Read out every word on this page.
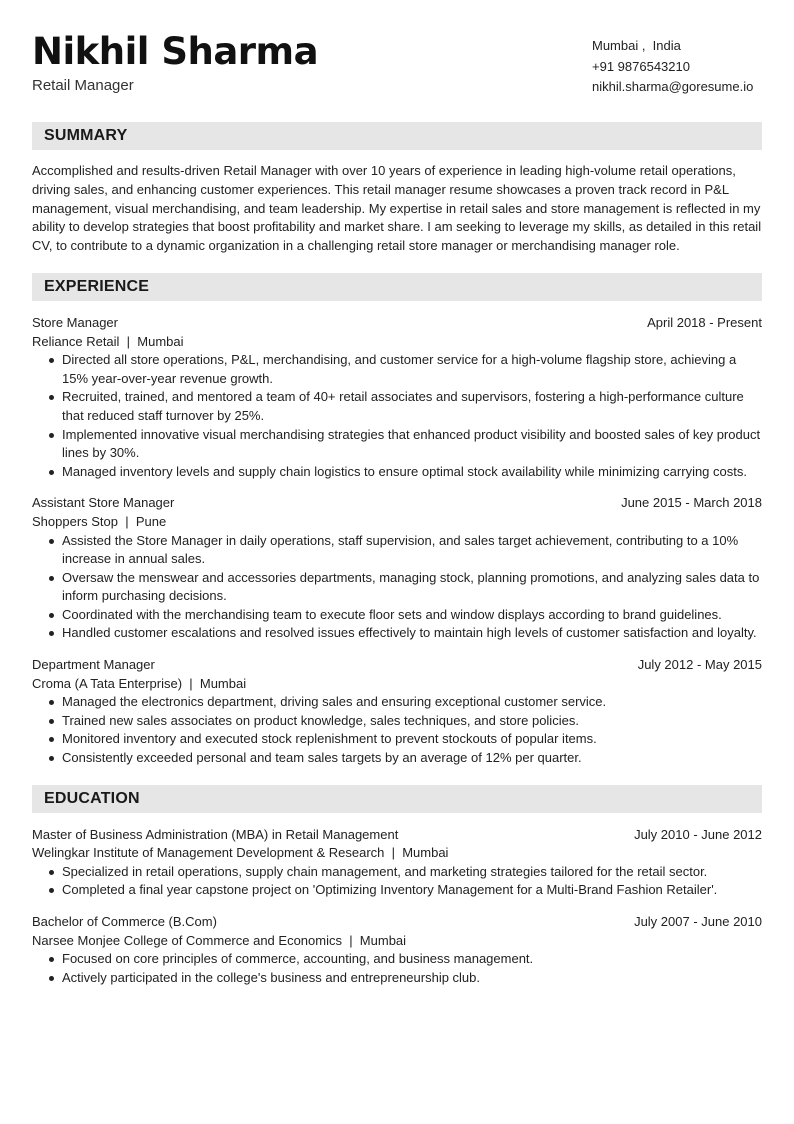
Nikhil Sharma
Retail Manager
Mumbai ,  India
+91 9876543210
nikhil.sharma@goresume.io
SUMMARY

Accomplished and results-driven Retail Manager with over 10 years of experience in leading high-volume retail operations, driving sales, and enhancing customer experiences. This retail manager resume showcases a proven track record in P&L management, visual merchandising, and team leadership. My expertise in retail sales and store management is reflected in my ability to develop strategies that boost profitability and market share. I am seeking to leverage my skills, as detailed in this retail CV, to contribute to a dynamic organization in a challenging retail store manager or merchandising manager role.

EXPERIENCE
Store Manager	April 2018 - Present
Reliance Retail  |  Mumbai
Directed all store operations, P&L, merchandising, and customer service for a high-volume flagship store, achieving a 15% year-over-year revenue growth.
Recruited, trained, and mentored a team of 40+ retail associates and supervisors, fostering a high-performance culture that reduced staff turnover by 25%.
Implemented innovative visual merchandising strategies that enhanced product visibility and boosted sales of key product lines by 30%.
Managed inventory levels and supply chain logistics to ensure optimal stock availability while minimizing carrying costs.
Assistant Store Manager	June 2015 - March 2018
Shoppers Stop  |  Pune
Assisted the Store Manager in daily operations, staff supervision, and sales target achievement, contributing to a 10% increase in annual sales.
Oversaw the menswear and accessories departments, managing stock, planning promotions, and analyzing sales data to inform purchasing decisions.
Coordinated with the merchandising team to execute floor sets and window displays according to brand guidelines.
Handled customer escalations and resolved issues effectively to maintain high levels of customer satisfaction and loyalty.
Department Manager	July 2012 - May 2015
Croma (A Tata Enterprise)  |  Mumbai
Managed the electronics department, driving sales and ensuring exceptional customer service.
Trained new sales associates on product knowledge, sales techniques, and store policies.
Monitored inventory and executed stock replenishment to prevent stockouts of popular items.
Consistently exceeded personal and team sales targets by an average of 12% per quarter.
EDUCATION
Master of Business Administration (MBA) in Retail Management	July 2010 - June 2012
Welingkar Institute of Management Development & Research  |  Mumbai
Specialized in retail operations, supply chain management, and marketing strategies tailored for the retail sector.
Completed a final year capstone project on 'Optimizing Inventory Management for a Multi-Brand Fashion Retailer'.
Bachelor of Commerce (B.Com)	July 2007 - June 2010
Narsee Monjee College of Commerce and Economics  |  Mumbai
Focused on core principles of commerce, accounting, and business management.
Actively participated in the college's business and entrepreneurship club.
